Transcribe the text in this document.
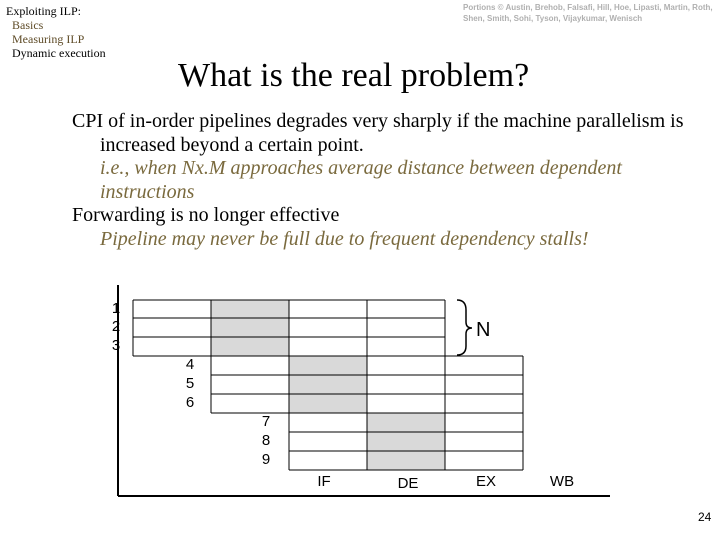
Exploiting ILP:
Basics
Measuring ILP
Dynamic execution
Portions © Austin, Brehob, Falsafi, Hill, Hoe, Lipasti, Martin, Roth, Shen, Smith, Sohi, Tyson, Vijaykumar, Wenisch
What is the real problem?
CPI of in-order pipelines degrades very sharply if the machine parallelism is increased beyond a certain point.
i.e., when Nx.M approaches average distance between dependent instructions
Forwarding is no longer effective
Pipeline may never be full due to frequent dependency stalls!
1
2
3
4
5
6
7
8
9
IF	DE	EX	WB
N
24
